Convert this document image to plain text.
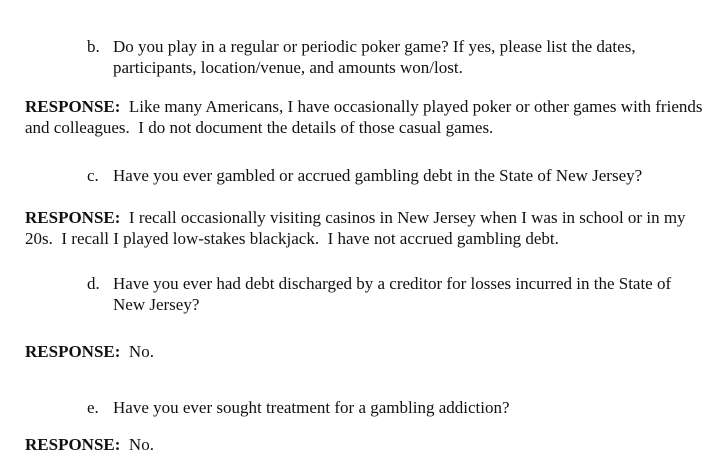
b. Do you play in a regular or periodic poker game? If yes, please list the dates, participants, location/venue, and amounts won/lost.
RESPONSE:  Like many Americans, I have occasionally played poker or other games with friends and colleagues.  I do not document the details of those casual games.
c. Have you ever gambled or accrued gambling debt in the State of New Jersey?
RESPONSE:  I recall occasionally visiting casinos in New Jersey when I was in school or in my 20s.  I recall I played low-stakes blackjack.  I have not accrued gambling debt.
d. Have you ever had debt discharged by a creditor for losses incurred in the State of New Jersey?
RESPONSE:  No.
e. Have you ever sought treatment for a gambling addiction?
RESPONSE:  No.
